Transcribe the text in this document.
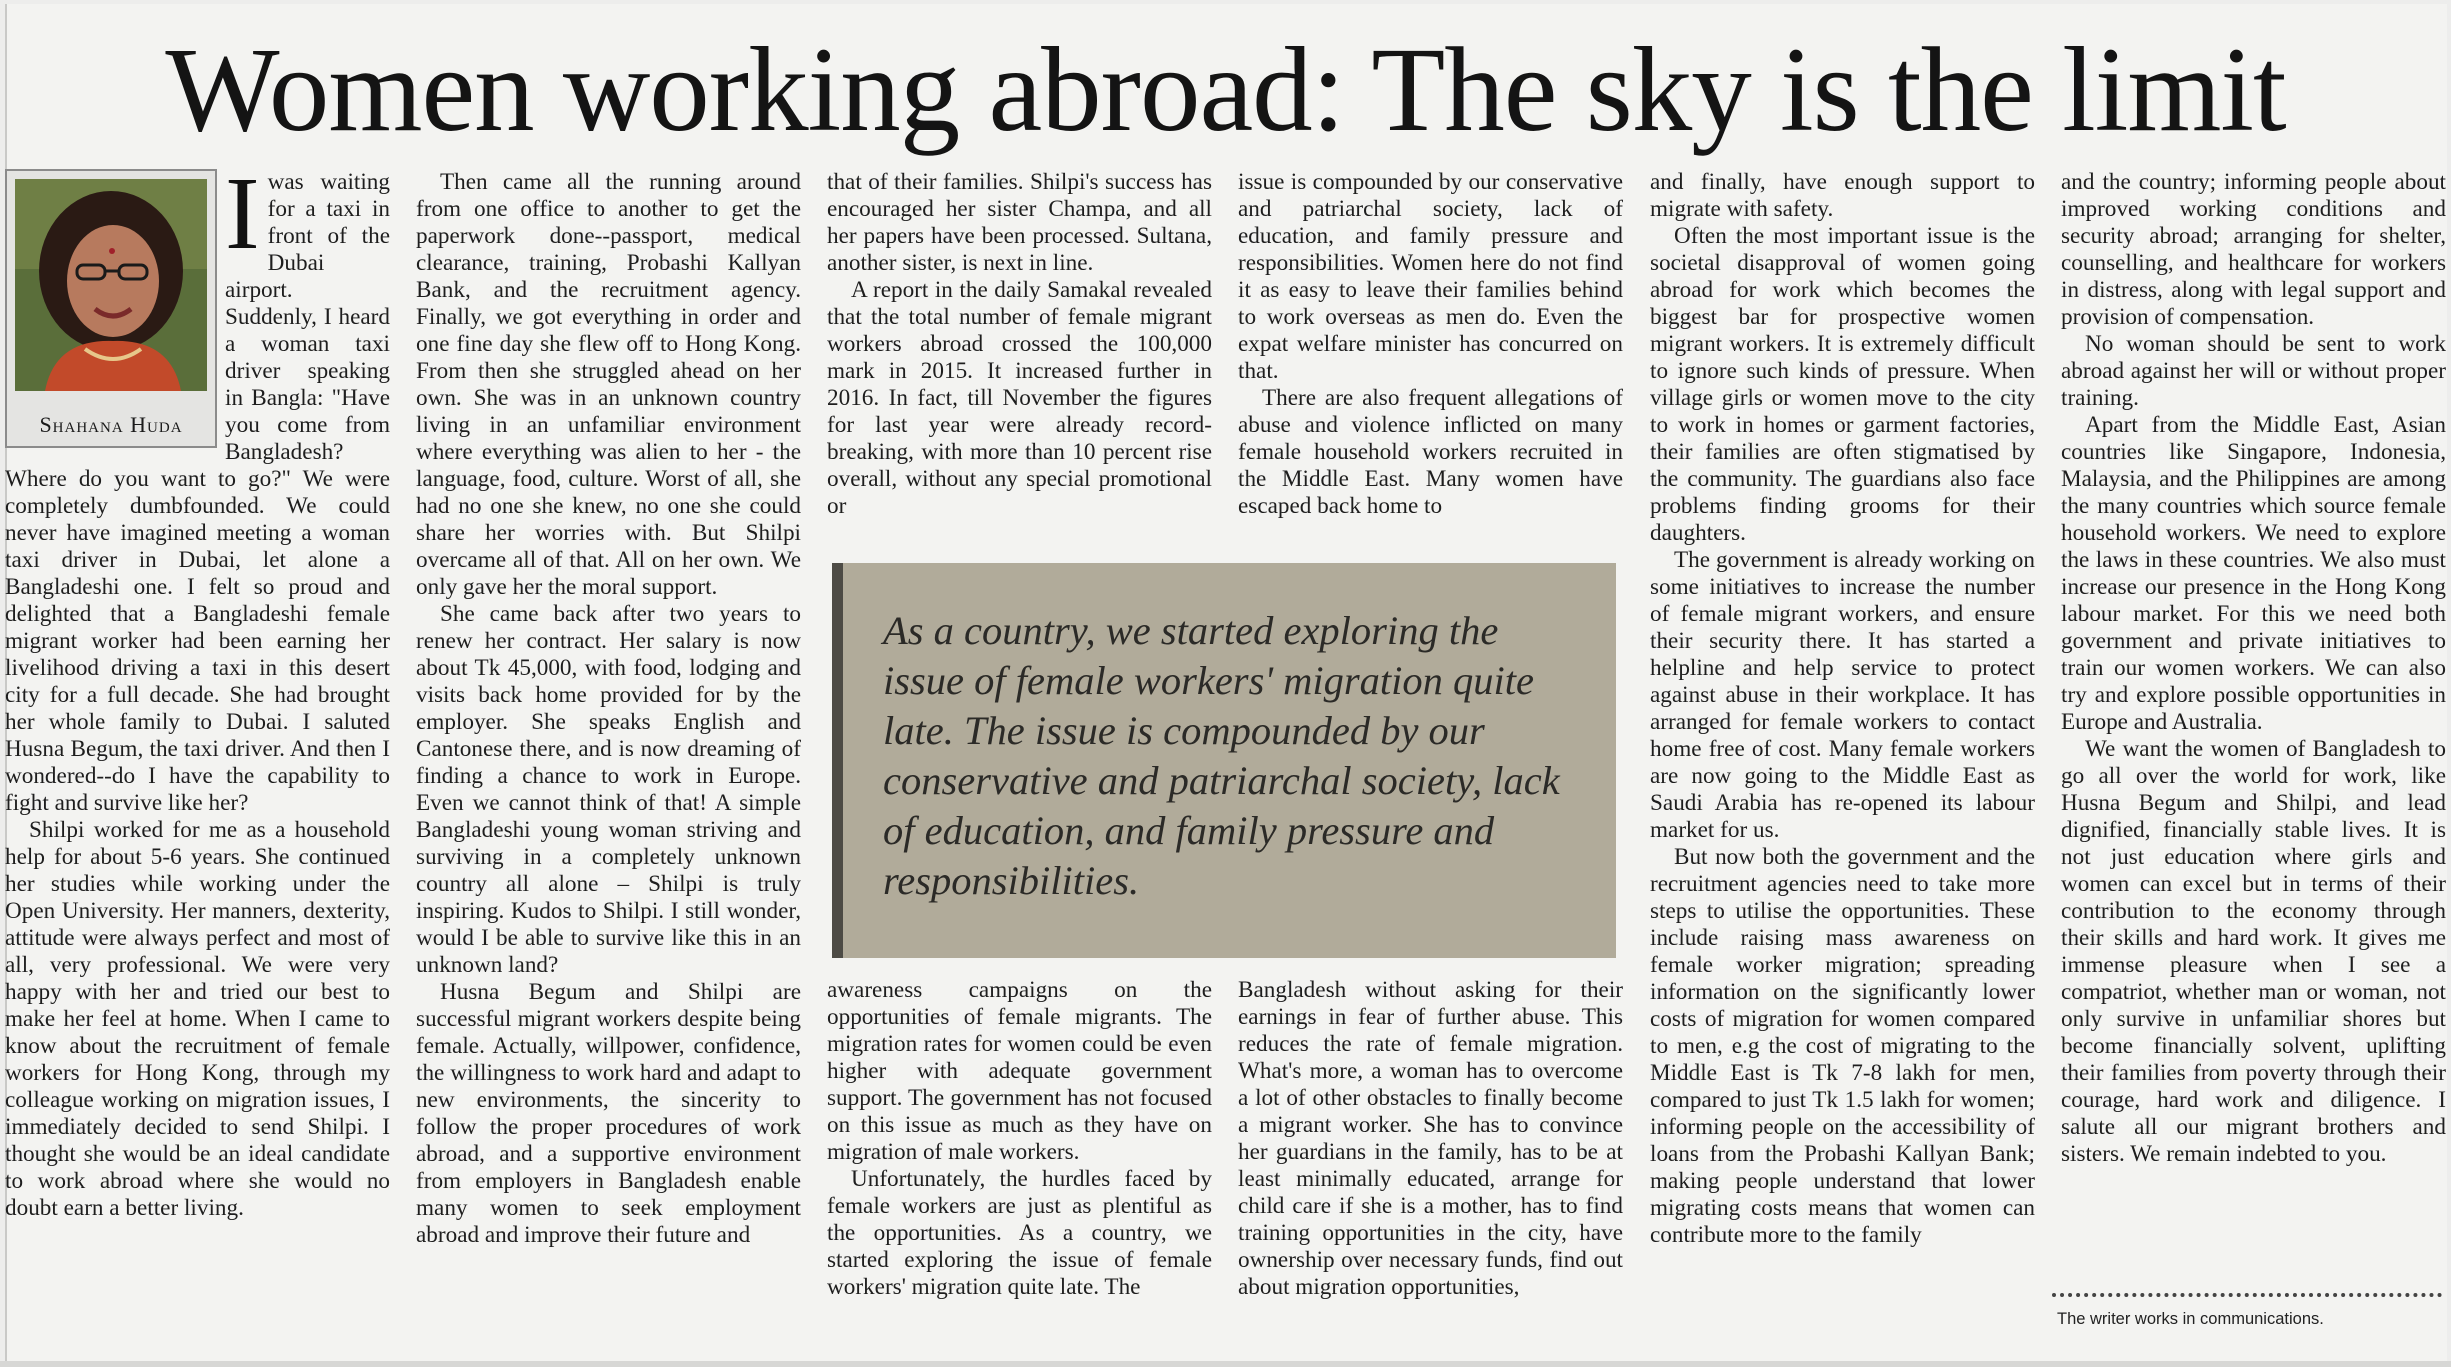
Women working abroad: The sky is the limit
Shahana Huda
I was waiting for a taxi in front of the Dubai airport. Suddenly, I heard a woman taxi driver speaking in Bangla: "Have you come from Bangladesh? Where do you want to go?" We were completely dumbfounded. We could never have imagined meeting a woman taxi driver in Dubai, let alone a Bangladeshi one. I felt so proud and delighted that a Bangladeshi female migrant worker had been earning her livelihood driving a taxi in this desert city for a full decade. She had brought her whole family to Dubai. I saluted Husna Begum, the taxi driver. And then I wondered--do I have the capability to fight and survive like her?

Shilpi worked for me as a household help for about 5-6 years. She continued her studies while working under the Open University. Her manners, dexterity, attitude were always perfect and most of all, very professional. We were very happy with her and tried our best to make her feel at home. When I came to know about the recruitment of female workers for Hong Kong, through my colleague working on migration issues, I immediately decided to send Shilpi. I thought she would be an ideal candidate to work abroad where she would no doubt earn a better living.

Then came all the running around from one office to another to get the paperwork done--passport, medical clearance, training, Probashi Kallyan Bank, and the recruitment agency. Finally, we got everything in order and one fine day she flew off to Hong Kong. From then she struggled ahead on her own. She was in an unknown country living in an unfamiliar environment where everything was alien to her - the language, food, culture. Worst of all, she had no one she knew, no one she could share her worries with. But Shilpi overcame all of that. All on her own. We only gave her the moral support.

She came back after two years to renew her contract. Her salary is now about Tk 45,000, with food, lodging and visits back home provided for by the employer. She speaks English and Cantonese there, and is now dreaming of finding a chance to work in Europe. Even we cannot think of that! A simple Bangladeshi young woman striving and surviving in a completely unknown country all alone – Shilpi is truly inspiring. Kudos to Shilpi. I still wonder, would I be able to survive like this in an unknown land?

Husna Begum and Shilpi are successful migrant workers despite being female. Actually, willpower, confidence, the willingness to work hard and adapt to new environments, the sincerity to follow the proper procedures of work abroad, and a supportive environment from employers in Bangladesh enable many women to seek employment abroad and improve their future and

that of their families. Shilpi's success has encouraged her sister Champa, and all her papers have been processed. Sultana, another sister, is next in line.

A report in the daily Samakal revealed that the total number of female migrant workers abroad crossed the 100,000 mark in 2015. It increased further in 2016. In fact, till November the figures for last year were already record-breaking, with more than 10 percent rise overall, without any special promotional or

issue is compounded by our conservative and patriarchal society, lack of education, and family pressure and responsibilities. Women here do not find it as easy to leave their families behind to work overseas as men do. Even the expat welfare minister has concurred on that.

There are also frequent allegations of abuse and violence inflicted on many female household workers recruited in the Middle East. Many women have escaped back home to

As a country, we started exploring the issue of female workers' migration quite late. The issue is compounded by our conservative and patriarchal society, lack of education, and family pressure and responsibilities.

awareness campaigns on the opportunities of female migrants. The migration rates for women could be even higher with adequate government support. The government has not focused on this issue as much as they have on migration of male workers.

Unfortunately, the hurdles faced by female workers are just as plentiful as the opportunities. As a country, we started exploring the issue of female workers' migration quite late. The

Bangladesh without asking for their earnings in fear of further abuse. This reduces the rate of female migration. What's more, a woman has to overcome a lot of other obstacles to finally become a migrant worker. She has to convince her guardians in the family, has to be at least minimally educated, arrange for child care if she is a mother, has to find training opportunities in the city, have ownership over necessary funds, find out about migration opportunities,

and finally, have enough support to migrate with safety.

Often the most important issue is the societal disapproval of women going abroad for work which becomes the biggest bar for prospective women migrant workers. It is extremely difficult to ignore such kinds of pressure. When village girls or women move to the city to work in homes or garment factories, their families are often stigmatised by the community. The guardians also face problems finding grooms for their daughters.

The government is already working on some initiatives to increase the number of female migrant workers, and ensure their security there. It has started a helpline and help service to protect against abuse in their workplace. It has arranged for female workers to contact home free of cost. Many female workers are now going to the Middle East as Saudi Arabia has re-opened its labour market for us.

But now both the government and the recruitment agencies need to take more steps to utilise the opportunities. These include raising mass awareness on female worker migration; spreading information on the significantly lower costs of migration for women compared to men, e.g the cost of migrating to the Middle East is Tk 7-8 lakh for men, compared to just Tk 1.5 lakh for women; informing people on the accessibility of loans from the Probashi Kallyan Bank; making people understand that lower migrating costs means that women can contribute more to the family

and the country; informing people about improved working conditions and security abroad; arranging for shelter, counselling, and healthcare for workers in distress, along with legal support and provision of compensation.

No woman should be sent to work abroad against her will or without proper training.

Apart from the Middle East, Asian countries like Singapore, Indonesia, Malaysia, and the Philippines are among the many countries which source female household workers. We need to explore the laws in these countries. We also must increase our presence in the Hong Kong labour market. For this we need both government and private initiatives to train our women workers. We can also try and explore possible opportunities in Europe and Australia.

We want the women of Bangladesh to go all over the world for work, like Husna Begum and Shilpi, and lead dignified, financially stable lives. It is not just education where girls and women can excel but in terms of their contribution to the economy through their skills and hard work. It gives me immense pleasure when I see a compatriot, whether man or woman, not only survive in unfamiliar shores but become financially solvent, uplifting their families from poverty through their courage, hard work and diligence. I salute all our migrant brothers and sisters. We remain indebted to you.

The writer works in communications.
